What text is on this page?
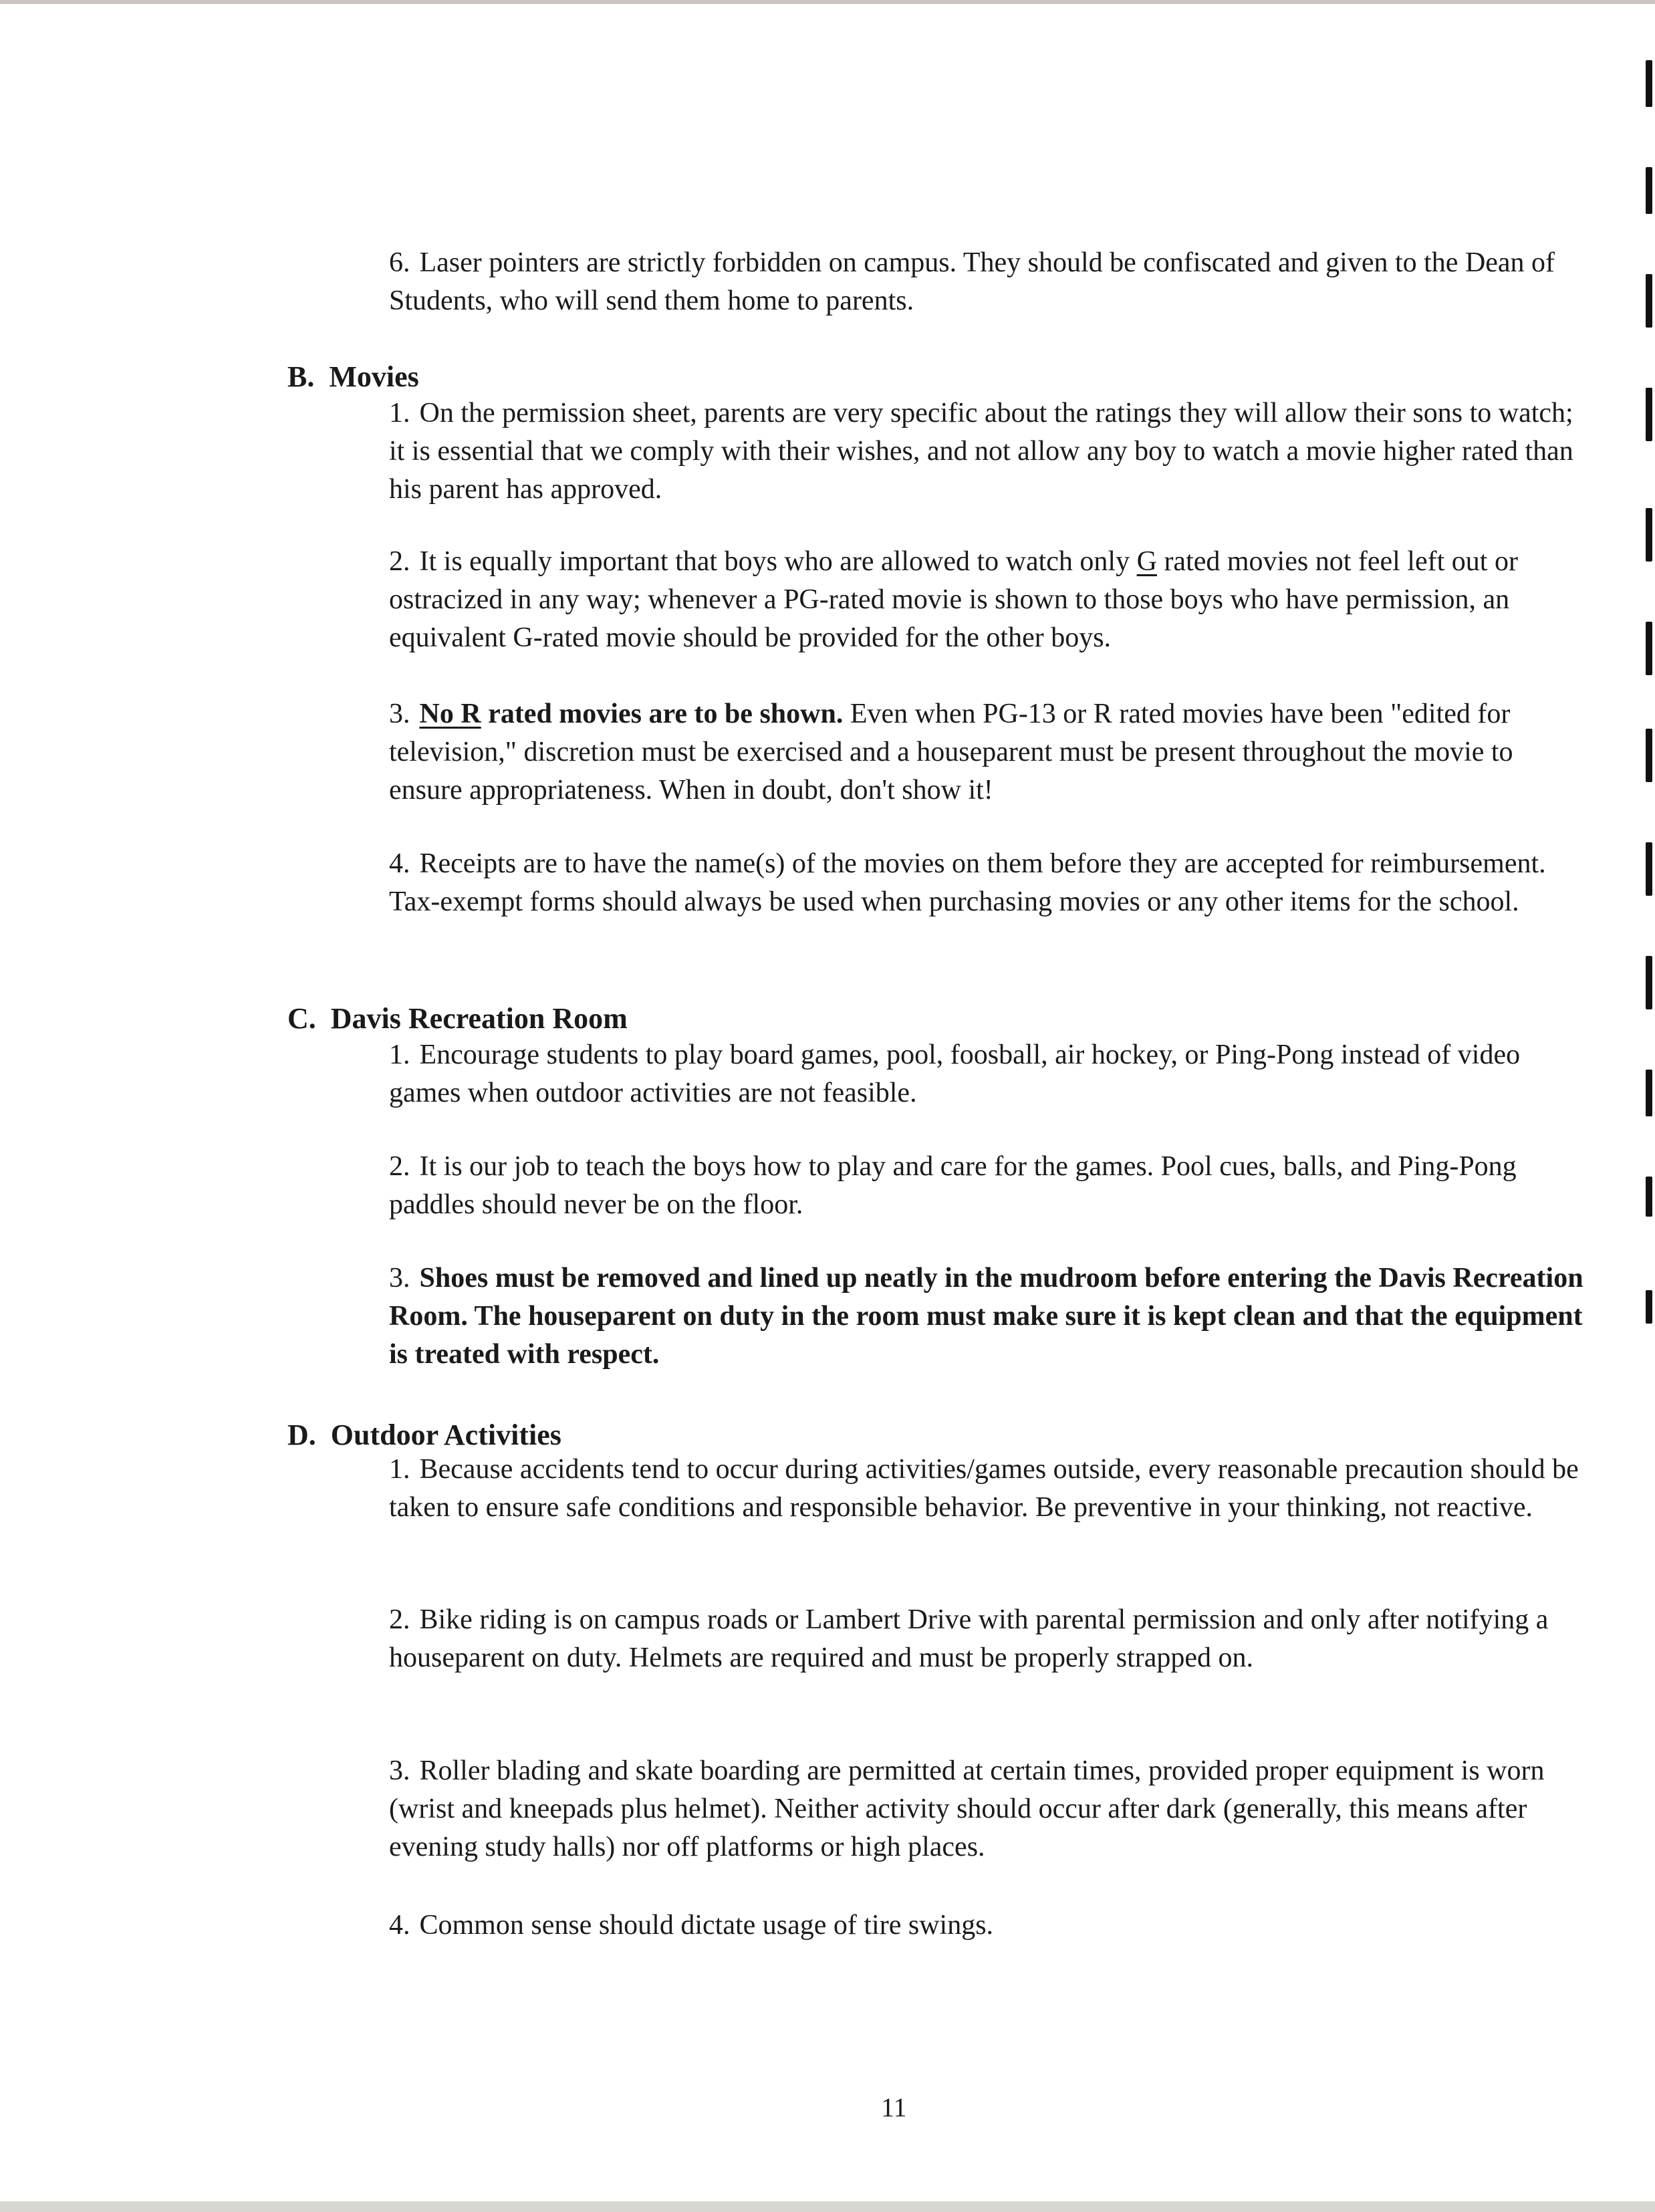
6. Laser pointers are strictly forbidden on campus. They should be confiscated and given to the Dean of Students, who will send them home to parents.

B. Movies

1. On the permission sheet, parents are very specific about the ratings they will allow their sons to watch; it is essential that we comply with their wishes, and not allow any boy to watch a movie higher rated than his parent has approved.

2. It is equally important that boys who are allowed to watch only G rated movies not feel left out or ostracized in any way; whenever a PG-rated movie is shown to those boys who have permission, an equivalent G-rated movie should be provided for the other boys.

3. No R rated movies are to be shown. Even when PG-13 or R rated movies have been "edited for television," discretion must be exercised and a houseparent must be present throughout the movie to ensure appropriateness. When in doubt, don't show it!

4. Receipts are to have the name(s) of the movies on them before they are accepted for reimbursement. Tax-exempt forms should always be used when purchasing movies or any other items for the school.

C. Davis Recreation Room

1. Encourage students to play board games, pool, foosball, air hockey, or Ping-Pong instead of video games when outdoor activities are not feasible.

2. It is our job to teach the boys how to play and care for the games. Pool cues, balls, and Ping-Pong paddles should never be on the floor.

3. Shoes must be removed and lined up neatly in the mudroom before entering the Davis Recreation Room. The houseparent on duty in the room must make sure it is kept clean and that the equipment is treated with respect.

D. Outdoor Activities

1. Because accidents tend to occur during activities/games outside, every reasonable precaution should be taken to ensure safe conditions and responsible behavior. Be preventive in your thinking, not reactive.

2. Bike riding is on campus roads or Lambert Drive with parental permission and only after notifying a houseparent on duty. Helmets are required and must be properly strapped on.

3. Roller blading and skate boarding are permitted at certain times, provided proper equipment is worn (wrist and kneepads plus helmet). Neither activity should occur after dark (generally, this means after evening study halls) nor off platforms or high places.

4. Common sense should dictate usage of tire swings.

11
